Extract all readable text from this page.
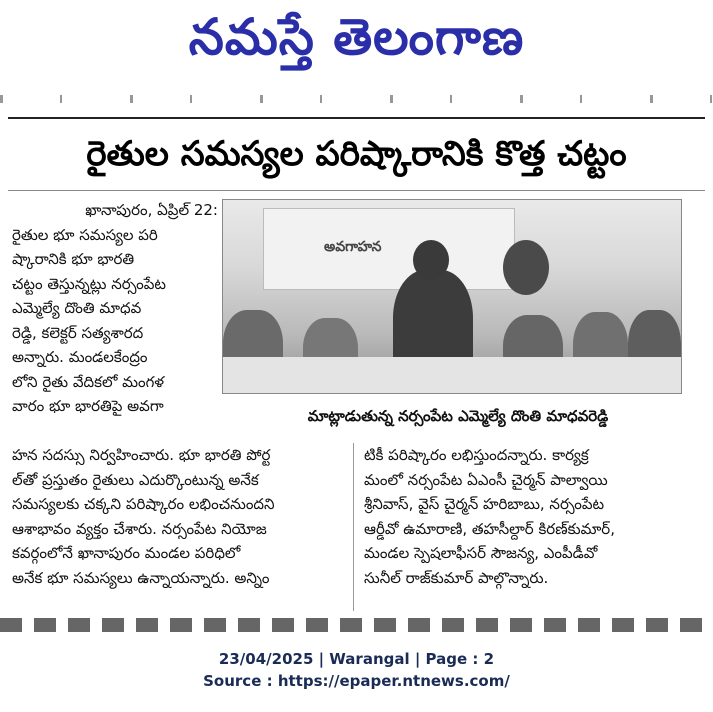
నమస్తే తెలంగాణ
రైతుల సమస్యల పరిష్కారానికి కొత్త చట్టం
ఖానాపురం, ఏప్రిల్ 22:
రైతుల భూ సమస్యల పరి
ష్కారానికి భూ భారతి
చట్టం తెస్తున్నట్లు నర్సంపేట
ఎమ్మెల్యే దొంతి మాధవ
రెడ్డి, కలెక్టర్ సత్యశారద
అన్నారు. మండలకేంద్రం
లోని రైతు వేదికలో మంగళ
వారం భూ భారతిపై అవగా
అవగాహన
మాట్లాడుతున్న నర్సంపేట ఎమ్మెల్యే దొంతి మాధవరెడ్డి
హన సదస్సు నిర్వహించారు. భూ భారతి పోర్ట
ల్‌తో ప్రస్తుతం రైతులు ఎదుర్కొంటున్న అనేక
సమస్యలకు చక్కని పరిష్కారం లభించనుందని
ఆశాభావం వ్యక్తం చేశారు. నర్సంపేట నియోజ
కవర్గంలోనే ఖానాపురం మండల పరిధిలో
అనేక భూ సమస్యలు ఉన్నాయన్నారు. అన్నిం
టికీ పరిష్కారం లభిస్తుందన్నారు. కార్యక్ర
మంలో నర్సంపేట ఏఎంసీ చైర్మన్ పాల్వాయి
శ్రీనివాస్, వైస్ చైర్మన్ హరిబాబు, నర్సంపేట
ఆర్డీవో ఉమారాణి, తహసీల్దార్ కిరణ్‌కుమార్,
మండల స్పెషలాఫీసర్ సౌజన్య, ఎంపీడీవో
సునీల్ రాజ్‌కుమార్ పాల్గొన్నారు.
23/04/2025 | Warangal | Page : 2
Source : https://epaper.ntnews.com/
